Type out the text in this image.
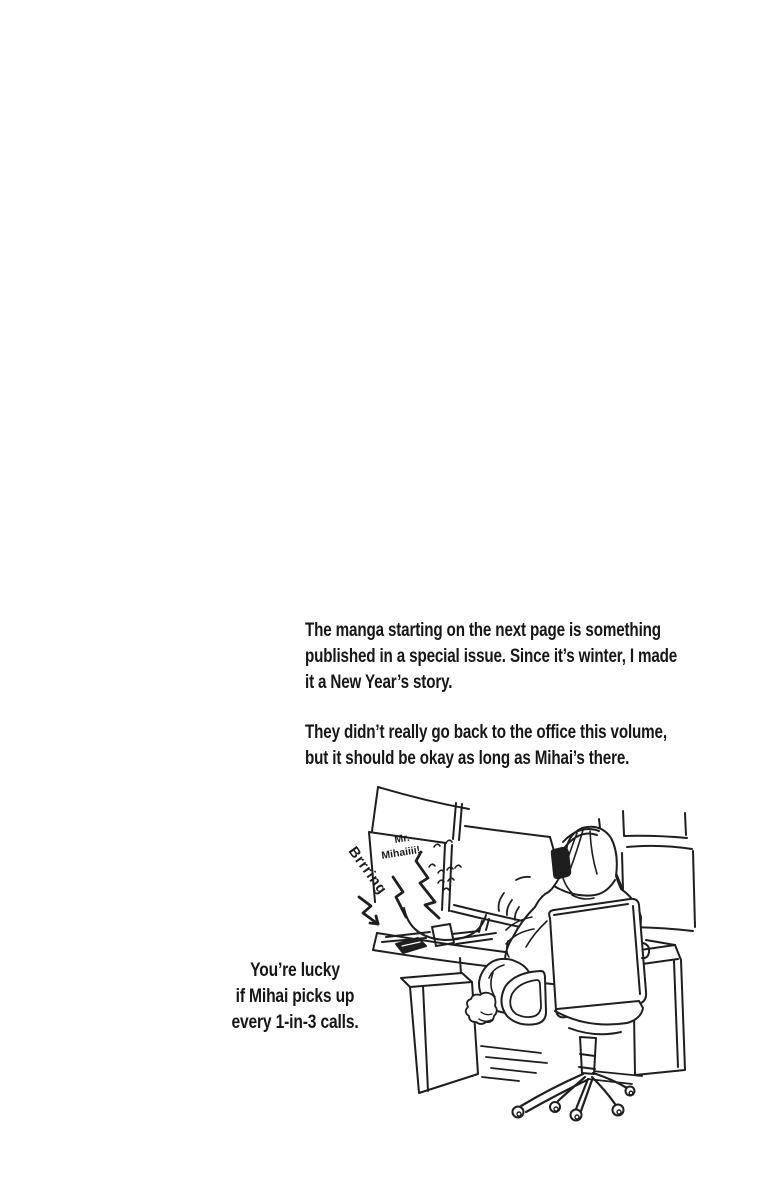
The manga starting on the next page is something
published in a special issue. Since it’s winter, I made
it a New Year’s story.
They didn’t really go back to the office this volume,
but it should be okay as long as Mihai’s there.
You’re lucky
if Mihai picks up
every 1-in-3 calls.
Brrring
Mr.
Mihaiiii!
